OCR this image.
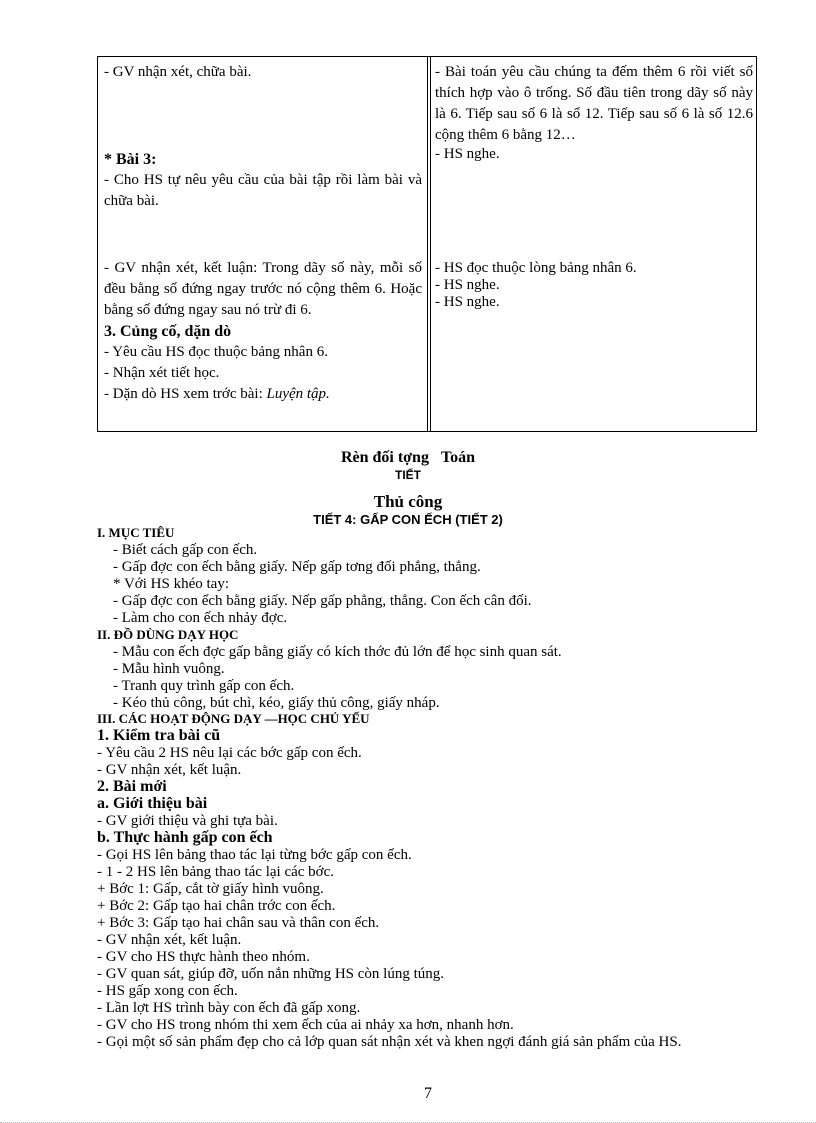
- GV nhận xét, chữa bài.

* Bài 3:

- Cho HS tự nêu yêu cầu của bài tập rồi làm bài và chữa bài.

- GV nhận xét, kết luận: Trong dãy số này, mỗi số đều bằng số đứng ngay trước nó cộng thêm 6. Hoặc bằng số đứng ngay sau nó trừ đi 6.

3. Củng cố, dặn dò

- Yêu cầu HS đọc thuộc bảng nhân 6.

- Nhận xét tiết học.

- Dặn dò HS xem trớc bài: Luyện tập.

- Bài toán yêu cầu chúng ta đếm thêm 6 rồi viết số thích hợp vào ô trống. Số đầu tiên trong dãy số này là 6. Tiếp sau số 6 là số 12. Tiếp sau số 6 là số 12.6 cộng thêm 6 bằng 12…

- HS nghe.

- HS đọc thuộc lòng bảng nhân 6.

- HS nghe.

- HS nghe.

Rèn đối tợng Toán
TIẾT
Thủ công
TIẾT 4: GẤP CON ẾCH (TIẾT 2)
I. MỤC TIÊU
- Biết cách gấp con ếch.
- Gấp đợc con ếch bằng giấy. Nếp gấp tơng đối phẳng, thẳng.
* Với HS khéo tay:
- Gấp đợc con ếch bằng giấy. Nếp gấp phẳng, thẳng. Con ếch cân đối.
- Làm cho con ếch nhảy đợc.
II. ĐỒ DÙNG DẠY HỌC
- Mẫu con ếch đợc gấp bằng giấy có kích thớc đủ lớn để học sinh quan sát.
- Mẫu hình vuông.
- Tranh quy trình gấp con ếch.
- Kéo thủ công, bút chì, kéo, giấy thủ công, giấy nháp.
III. CÁC HOẠT ĐỘNG DẠY —HỌC CHỦ YẾU
1. Kiểm tra bài cũ
- Yêu cầu 2 HS nêu lại các bớc gấp con ếch.
- GV nhận xét, kết luận.
2. Bài mới
a. Giới thiệu bài
- GV giới thiệu và ghi tựa bài.
b. Thực hành gấp con ếch
- Gọi HS lên bảng thao tác lại từng bớc gấp con ếch.
- 1 - 2 HS lên bảng thao tác lại các bớc.
+ Bớc 1: Gấp, cắt tờ giấy hình vuông.
+ Bớc 2: Gấp tạo hai chân trớc con ếch.
+ Bớc 3: Gấp tạo hai chân sau và thân con ếch.
- GV nhận xét, kết luận.
- GV cho HS thực hành theo nhóm.
- GV quan sát, giúp đỡ, uốn nắn những HS còn lúng túng.
- HS gấp xong con ếch.
- Lần lợt HS trình bày con ếch đã gấp xong.
- GV cho HS trong nhóm thi xem ếch của ai nhảy xa hơn, nhanh hơn.
- Gọi một số sản phẩm đẹp cho cả lớp quan sát nhận xét và khen ngợi đánh giá sản phẩm của HS.
7
